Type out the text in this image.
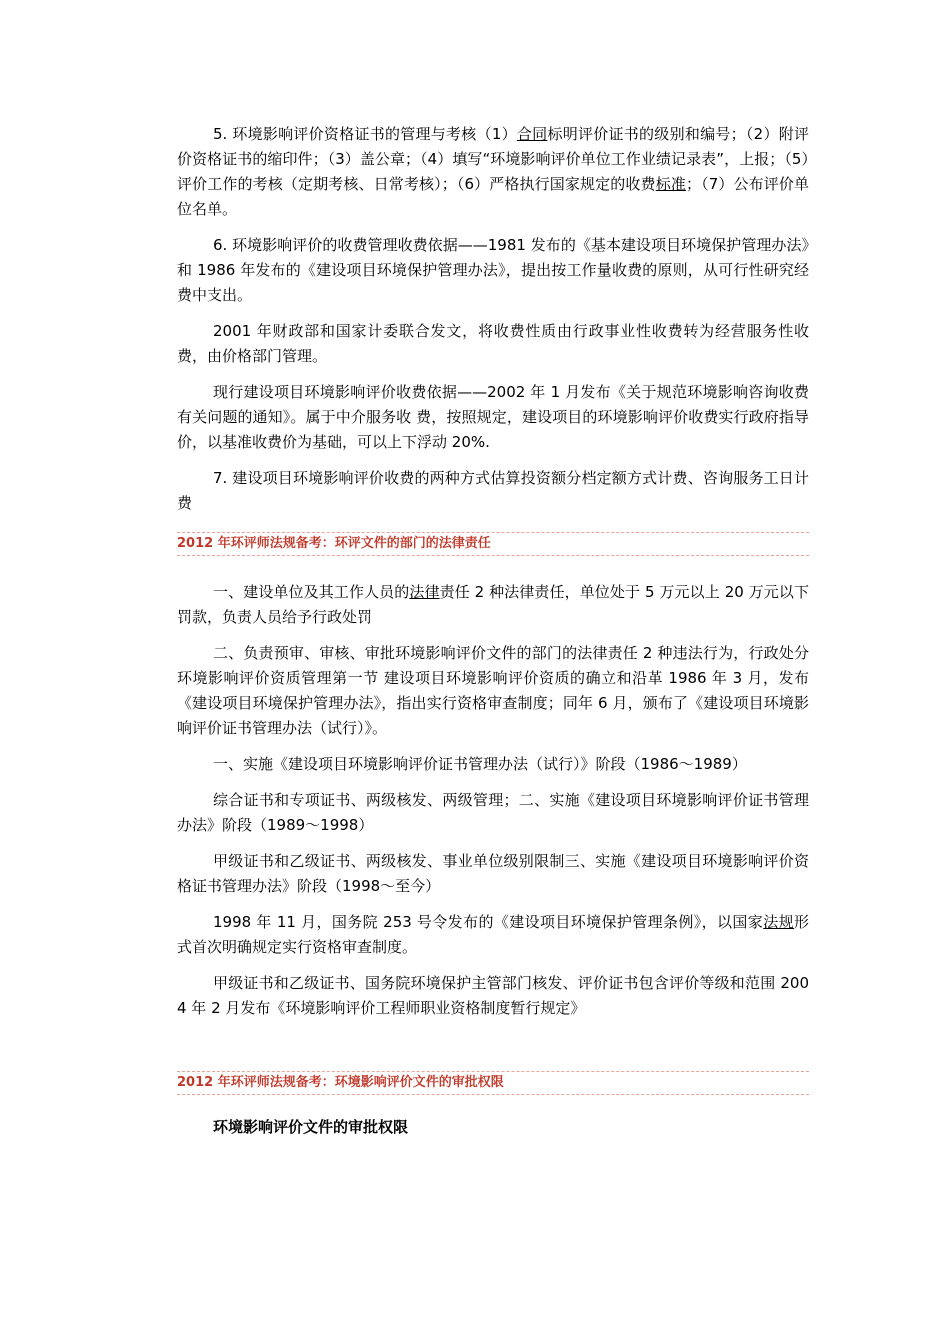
5. 环境影响评价资格证书的管理与考核（1）合同标明评价证书的级别和编号；（2）附评价资格证书的缩印件；（3）盖公章；（4）填写“环境影响评价单位工作业绩记录表”，上报；（5）评价工作的考核（定期考核、日常考核）；（6）严格执行国家规定的收费标准；（7）公布评价单位名单。

6. 环境影响评价的收费管理收费依据——1981 发布的《基本建设项目环境保护管理办法》和 1986 年发布的《建设项目环境保护管理办法》，提出按工作量收费的原则，从可行性研究经费中支出。

2001 年财政部和国家计委联合发文，将收费性质由行政事业性收费转为经营服务性收费，由价格部门管理。

现行建设项目环境影响评价收费依据——2002 年 1 月发布《关于规范环境影响咨询收费有关问题的通知》。属于中介服务收 费，按照规定，建设项目的环境影响评价收费实行政府指导价，以基准收费价为基础，可以上下浮动 20%.

7. 建设项目环境影响评价收费的两种方式估算投资额分档定额方式计费、咨询服务工日计费

2012 年环评师法规备考：环评文件的部门的法律责任

一、建设单位及其工作人员的法律责任 2 种法律责任，单位处于 5 万元以上 20 万元以下罚款，负责人员给予行政处罚

二、负责预审、审核、审批环境影响评价文件的部门的法律责任 2 种违法行为，行政处分环境影响评价资质管理第一节 建设项目环境影响评价资质的确立和沿革 1986 年 3 月，发布《建设项目环境保护管理办法》，指出实行资格审查制度；同年 6 月，颁布了《建设项目环境影响评价证书管理办法（试行）》。

一、实施《建设项目环境影响评价证书管理办法（试行）》阶段（1986～1989）

综合证书和专项证书、两级核发、两级管理；二、实施《建设项目环境影响评价证书管理办法》阶段（1989～1998）

甲级证书和乙级证书、两级核发、事业单位级别限制三、实施《建设项目环境影响评价资格证书管理办法》阶段（1998～至今）

1998 年 11 月，国务院 253 号令发布的《建设项目环境保护管理条例》，以国家法规形式首次明确规定实行资格审查制度。

甲级证书和乙级证书、国务院环境保护主管部门核发、评价证书包含评价等级和范围 2004 年 2 月发布《环境影响评价工程师职业资格制度暂行规定》

2012 年环评师法规备考：环境影响评价文件的审批权限

环境影响评价文件的审批权限
